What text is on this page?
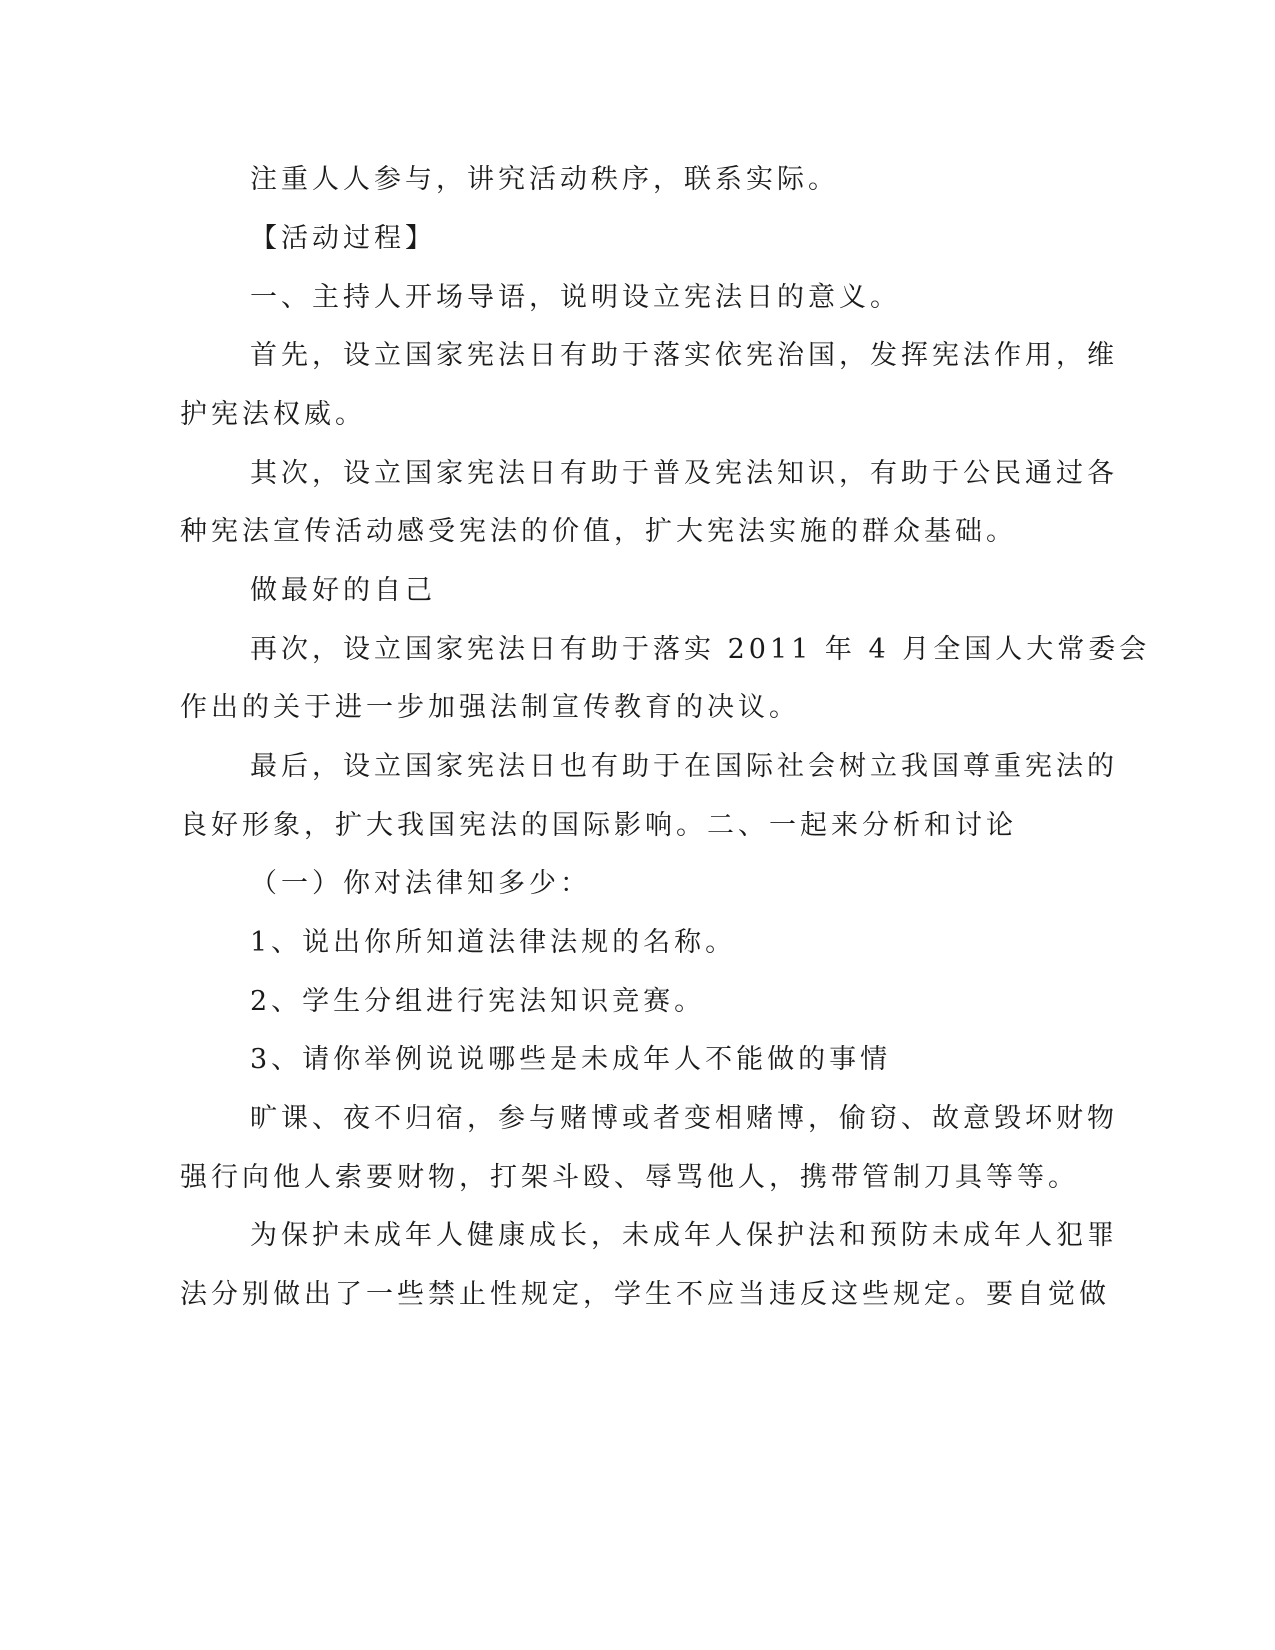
注重人人参与，讲究活动秩序，联系实际。
【活动过程】
一、主持人开场导语，说明设立宪法日的意义。
首先，设立国家宪法日有助于落实依宪治国，发挥宪法作用，维
护宪法权威。
其次，设立国家宪法日有助于普及宪法知识，有助于公民通过各
种宪法宣传活动感受宪法的价值，扩大宪法实施的群众基础。
做最好的自己
再次，设立国家宪法日有助于落实 2011 年 4 月全国人大常委会
作出的关于进一步加强法制宣传教育的决议。
最后，设立国家宪法日也有助于在国际社会树立我国尊重宪法的
良好形象，扩大我国宪法的国际影响。二、一起来分析和讨论
（一）你对法律知多少：
1、说出你所知道法律法规的名称。
2、学生分组进行宪法知识竞赛。
3、请你举例说说哪些是未成年人不能做的事情
旷课、夜不归宿，参与赌博或者变相赌博，偷窃、故意毁坏财物
强行向他人索要财物，打架斗殴、辱骂他人，携带管制刀具等等。
为保护未成年人健康成长，未成年人保护法和预防未成年人犯罪
法分别做出了一些禁止性规定，学生不应当违反这些规定。要自觉做
